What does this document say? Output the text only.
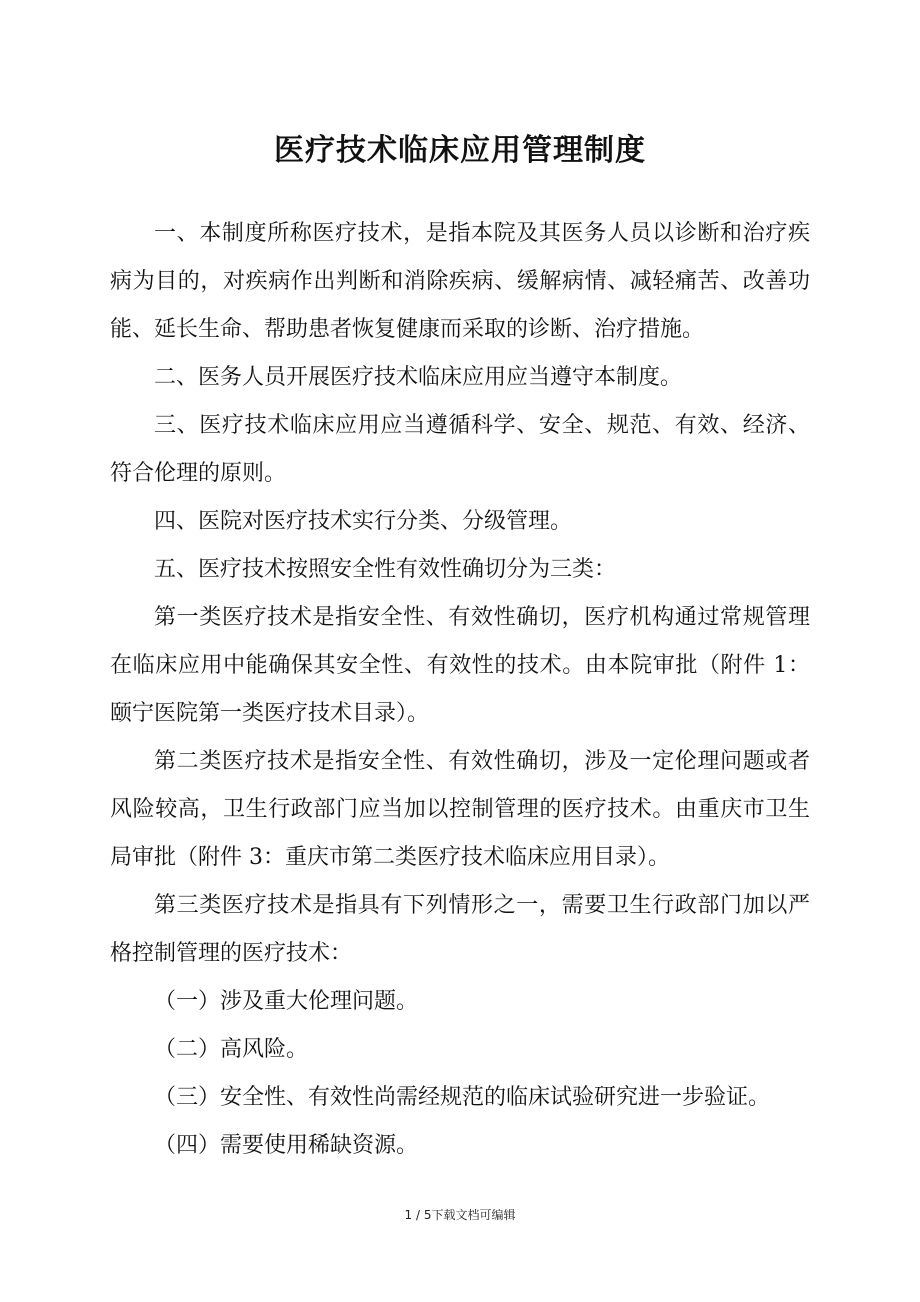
医疗技术临床应用管理制度

一、本制度所称医疗技术，是指本院及其医务人员以诊断和治疗疾病为目的，对疾病作出判断和消除疾病、缓解病情、减轻痛苦、改善功能、延长生命、帮助患者恢复健康而采取的诊断、治疗措施。

二、医务人员开展医疗技术临床应用应当遵守本制度。

三、医疗技术临床应用应当遵循科学、安全、规范、有效、经济、符合伦理的原则。

四、医院对医疗技术实行分类、分级管理。

五、医疗技术按照安全性有效性确切分为三类：

第一类医疗技术是指安全性、有效性确切，医疗机构通过常规管理在临床应用中能确保其安全性、有效性的技术。由本院审批（附件 1：颐宁医院第一类医疗技术目录）。

第二类医疗技术是指安全性、有效性确切，涉及一定伦理问题或者风险较高，卫生行政部门应当加以控制管理的医疗技术。由重庆市卫生局审批（附件 3：重庆市第二类医疗技术临床应用目录）。

第三类医疗技术是指具有下列情形之一，需要卫生行政部门加以严格控制管理的医疗技术：

（一）涉及重大伦理问题。

（二）高风险。

（三）安全性、有效性尚需经规范的临床试验研究进一步验证。

（四）需要使用稀缺资源。

1 / 5下载文档可编辑
